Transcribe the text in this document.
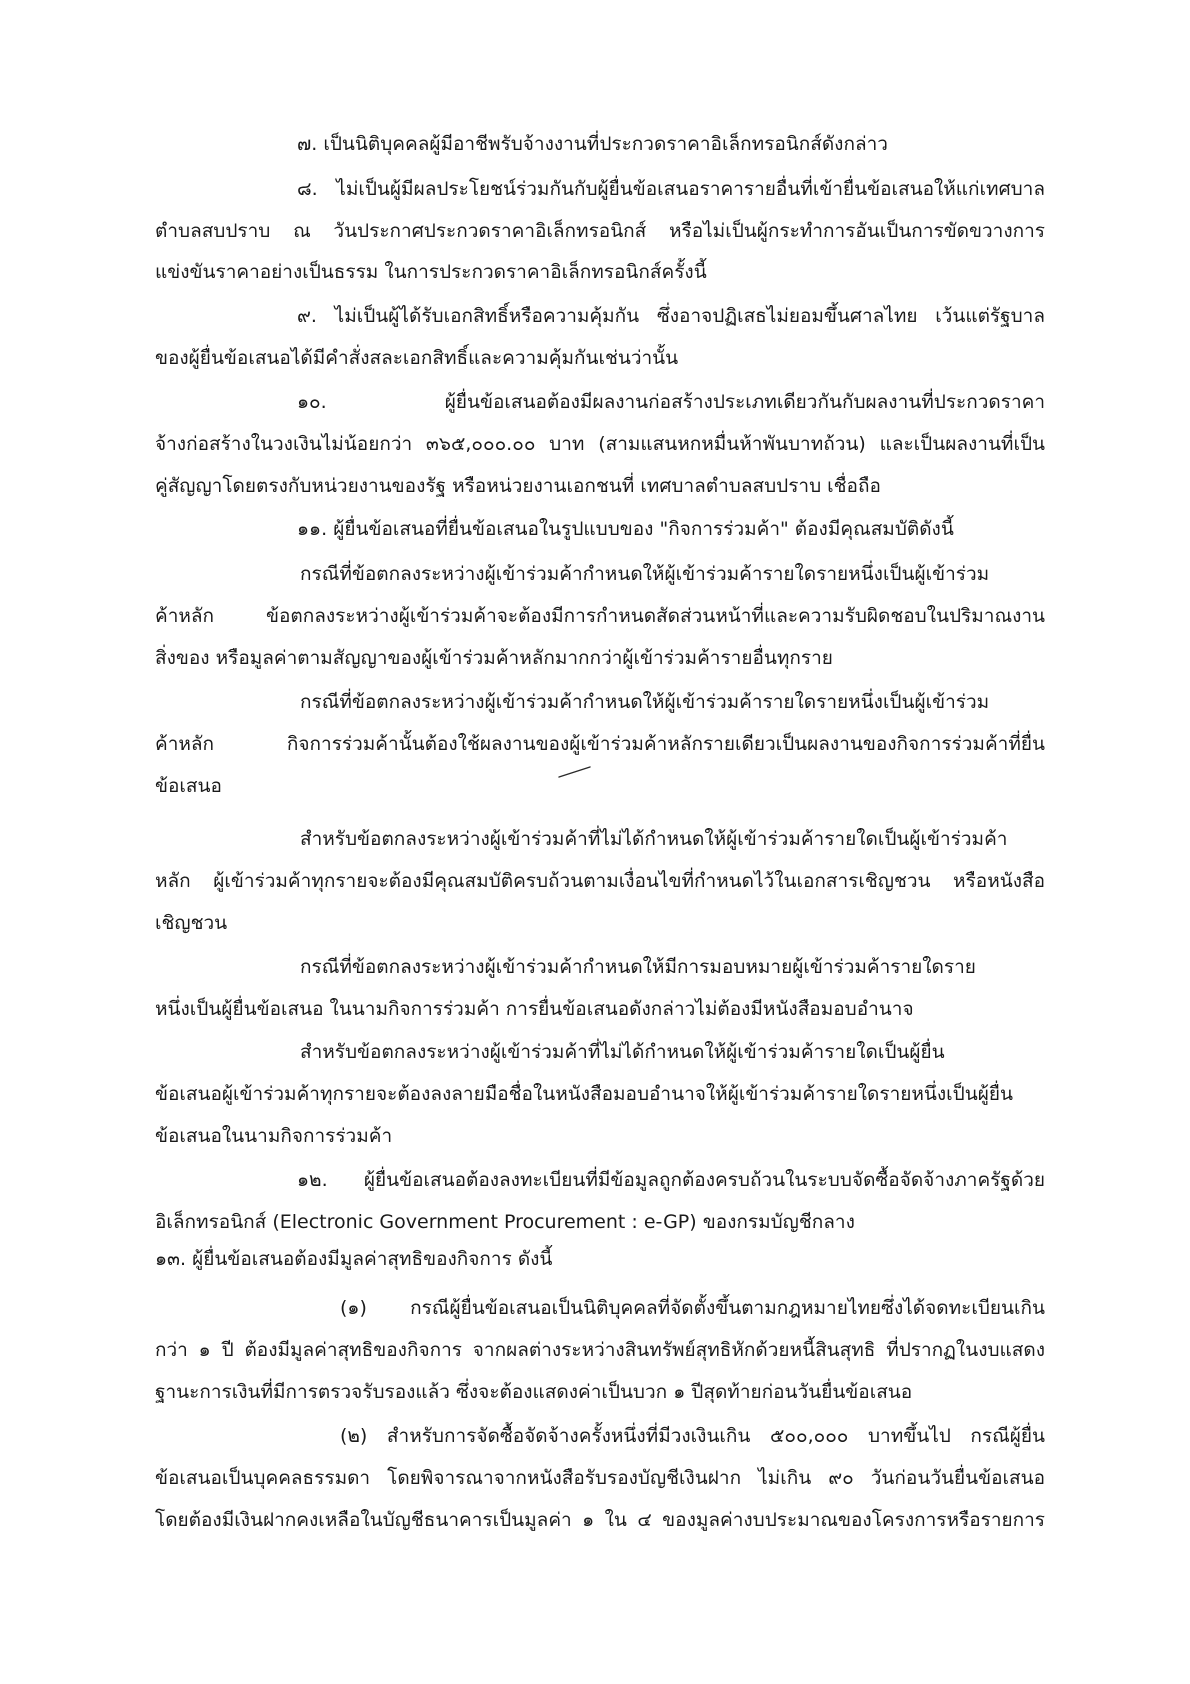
๗. เป็นนิติบุคคลผู้มีอาชีพรับจ้างงานที่ประกวดราคาอิเล็กทรอนิกส์ดังกล่าว
๘. ไม่เป็นผู้มีผลประโยชน์ร่วมกันกับผู้ยื่นข้อเสนอราคารายอื่นที่เข้ายื่นข้อเสนอให้แก่เทศบาล
ตำบลสบปราบ ณ วันประกาศประกวดราคาอิเล็กทรอนิกส์ หรือไม่เป็นผู้กระทำการอันเป็นการขัดขวางการ
แข่งขันราคาอย่างเป็นธรรม ในการประกวดราคาอิเล็กทรอนิกส์ครั้งนี้
๙. ไม่เป็นผู้ได้รับเอกสิทธิ์หรือความคุ้มกัน ซึ่งอาจปฏิเสธไม่ยอมขึ้นศาลไทย เว้นแต่รัฐบาล
ของผู้ยื่นข้อเสนอได้มีคำสั่งสละเอกสิทธิ์และความคุ้มกันเช่นว่านั้น
๑๐. ผู้ยื่นข้อเสนอต้องมีผลงานก่อสร้างประเภทเดียวกันกับผลงานที่ประกวดราคา
จ้างก่อสร้างในวงเงินไม่น้อยกว่า ๓๖๕,๐๐๐.๐๐ บาท (สามแสนหกหมื่นห้าพันบาทถ้วน) และเป็นผลงานที่เป็น
คู่สัญญาโดยตรงกับหน่วยงานของรัฐ หรือหน่วยงานเอกชนที่ เทศบาลตำบลสบปราบ เชื่อถือ
๑๑. ผู้ยื่นข้อเสนอที่ยื่นข้อเสนอในรูปแบบของ "กิจการร่วมค้า" ต้องมีคุณสมบัติดังนี้
กรณีที่ข้อตกลงระหว่างผู้เข้าร่วมค้ากำหนดให้ผู้เข้าร่วมค้ารายใดรายหนึ่งเป็นผู้เข้าร่วม
ค้าหลัก ข้อตกลงระหว่างผู้เข้าร่วมค้าจะต้องมีการกำหนดสัดส่วนหน้าที่และความรับผิดชอบในปริมาณงาน
สิ่งของ หรือมูลค่าตามสัญญาของผู้เข้าร่วมค้าหลักมากกว่าผู้เข้าร่วมค้ารายอื่นทุกราย
กรณีที่ข้อตกลงระหว่างผู้เข้าร่วมค้ากำหนดให้ผู้เข้าร่วมค้ารายใดรายหนึ่งเป็นผู้เข้าร่วม
ค้าหลัก กิจการร่วมค้านั้นต้องใช้ผลงานของผู้เข้าร่วมค้าหลักรายเดียวเป็นผลงานของกิจการร่วมค้าที่ยื่น
ข้อเสนอ
สำหรับข้อตกลงระหว่างผู้เข้าร่วมค้าที่ไม่ได้กำหนดให้ผู้เข้าร่วมค้ารายใดเป็นผู้เข้าร่วมค้า
หลัก ผู้เข้าร่วมค้าทุกรายจะต้องมีคุณสมบัติครบถ้วนตามเงื่อนไขที่กำหนดไว้ในเอกสารเชิญชวน หรือหนังสือ
เชิญชวน
กรณีที่ข้อตกลงระหว่างผู้เข้าร่วมค้ากำหนดให้มีการมอบหมายผู้เข้าร่วมค้ารายใดราย
หนึ่งเป็นผู้ยื่นข้อเสนอ ในนามกิจการร่วมค้า การยื่นข้อเสนอดังกล่าวไม่ต้องมีหนังสือมอบอำนาจ
สำหรับข้อตกลงระหว่างผู้เข้าร่วมค้าที่ไม่ได้กำหนดให้ผู้เข้าร่วมค้ารายใดเป็นผู้ยื่น
ข้อเสนอผู้เข้าร่วมค้าทุกรายจะต้องลงลายมือชื่อในหนังสือมอบอำนาจให้ผู้เข้าร่วมค้ารายใดรายหนึ่งเป็นผู้ยื่น
ข้อเสนอในนามกิจการร่วมค้า
๑๒. ผู้ยื่นข้อเสนอต้องลงทะเบียนที่มีข้อมูลถูกต้องครบถ้วนในระบบจัดซื้อจัดจ้างภาครัฐด้วย
อิเล็กทรอนิกส์ (Electronic Government Procurement : e-GP) ของกรมบัญชีกลาง
๑๓. ผู้ยื่นข้อเสนอต้องมีมูลค่าสุทธิของกิจการ ดังนี้
(๑) กรณีผู้ยื่นข้อเสนอเป็นนิติบุคคลที่จัดตั้งขึ้นตามกฎหมายไทยซึ่งได้จดทะเบียนเกิน
กว่า ๑ ปี ต้องมีมูลค่าสุทธิของกิจการ จากผลต่างระหว่างสินทรัพย์สุทธิหักด้วยหนี้สินสุทธิ ที่ปรากฏในงบแสดง
ฐานะการเงินที่มีการตรวจรับรองแล้ว ซึ่งจะต้องแสดงค่าเป็นบวก ๑ ปีสุดท้ายก่อนวันยื่นข้อเสนอ
(๒) สำหรับการจัดซื้อจัดจ้างครั้งหนึ่งที่มีวงเงินเกิน ๕๐๐,๐๐๐ บาทขึ้นไป กรณีผู้ยื่น
ข้อเสนอเป็นบุคคลธรรมดา โดยพิจารณาจากหนังสือรับรองบัญชีเงินฝาก ไม่เกิน ๙๐ วันก่อนวันยื่นข้อเสนอ
โดยต้องมีเงินฝากคงเหลือในบัญชีธนาคารเป็นมูลค่า ๑ ใน ๔ ของมูลค่างบประมาณของโครงการหรือรายการ
